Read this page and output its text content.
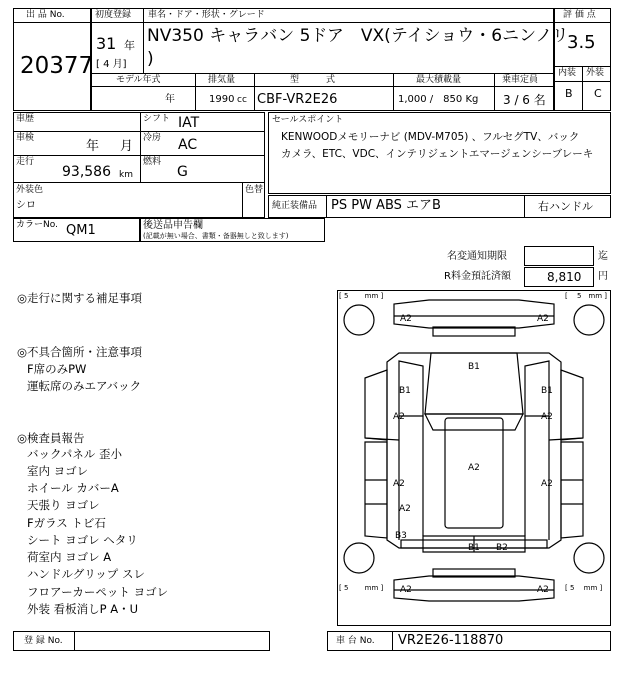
出 品 No.
20377
初度登録
31 年
[ 4 月]
車名・ドア・形状・グレード
NV350 キャラバン 5ドア　VX(テイショウ・6ニンノリ
)
モデル年式
年
排気量
1990 cc
型　　　式
CBF-VR2E26
最大積載量
1,000 /　850 Kg
乗車定員
3 / 6 名
評 価 点
3.5
内装 外装
B C
車歴	シフト IAT
車検
年 月
冷房 AC
走行
93,586 km
燃料
G
外装色
シロ
色替
カラーNo. QM1	後送品申告欄
(記載が無い場合、書類・备器無しと致します)
セールスポイント
KENWOODメモリーナビ (MDV-M705) 、フルセグTV、バック
カメラ、ETC、VDC、インテリジェントエマージェンシーブレーキ
純正装備品 PS PW ABS エアB	右ハンドル
名変通知期限	迄
R料金預託済額	8,810 円
◎走行に関する補足事項
◎不具合箇所・注意事項
F席のみPW
運転席のみエアバック
◎検査員報告
バックパネル 歪小
室内 ヨゴレ
ホイール カバーA
天張り ヨゴレ
Fガラス トビ石
シート ヨゴレ ヘタリ
荷室内 ヨゴレ A
ハンドルグリップ スレ
フロアーカーペット ヨゴレ
外装 看板消しP A・U
[ 5 　　mm ]	[ 　5　mm ]
[ 5 　　mm ]	[ 5 　mm ]
A2	A2
B1
B1	B1
A2	A2
A2
A2	A2
A2
B3
B1 B2
A2	A2
登 録 No.	車 台 No. VR2E26-118870
